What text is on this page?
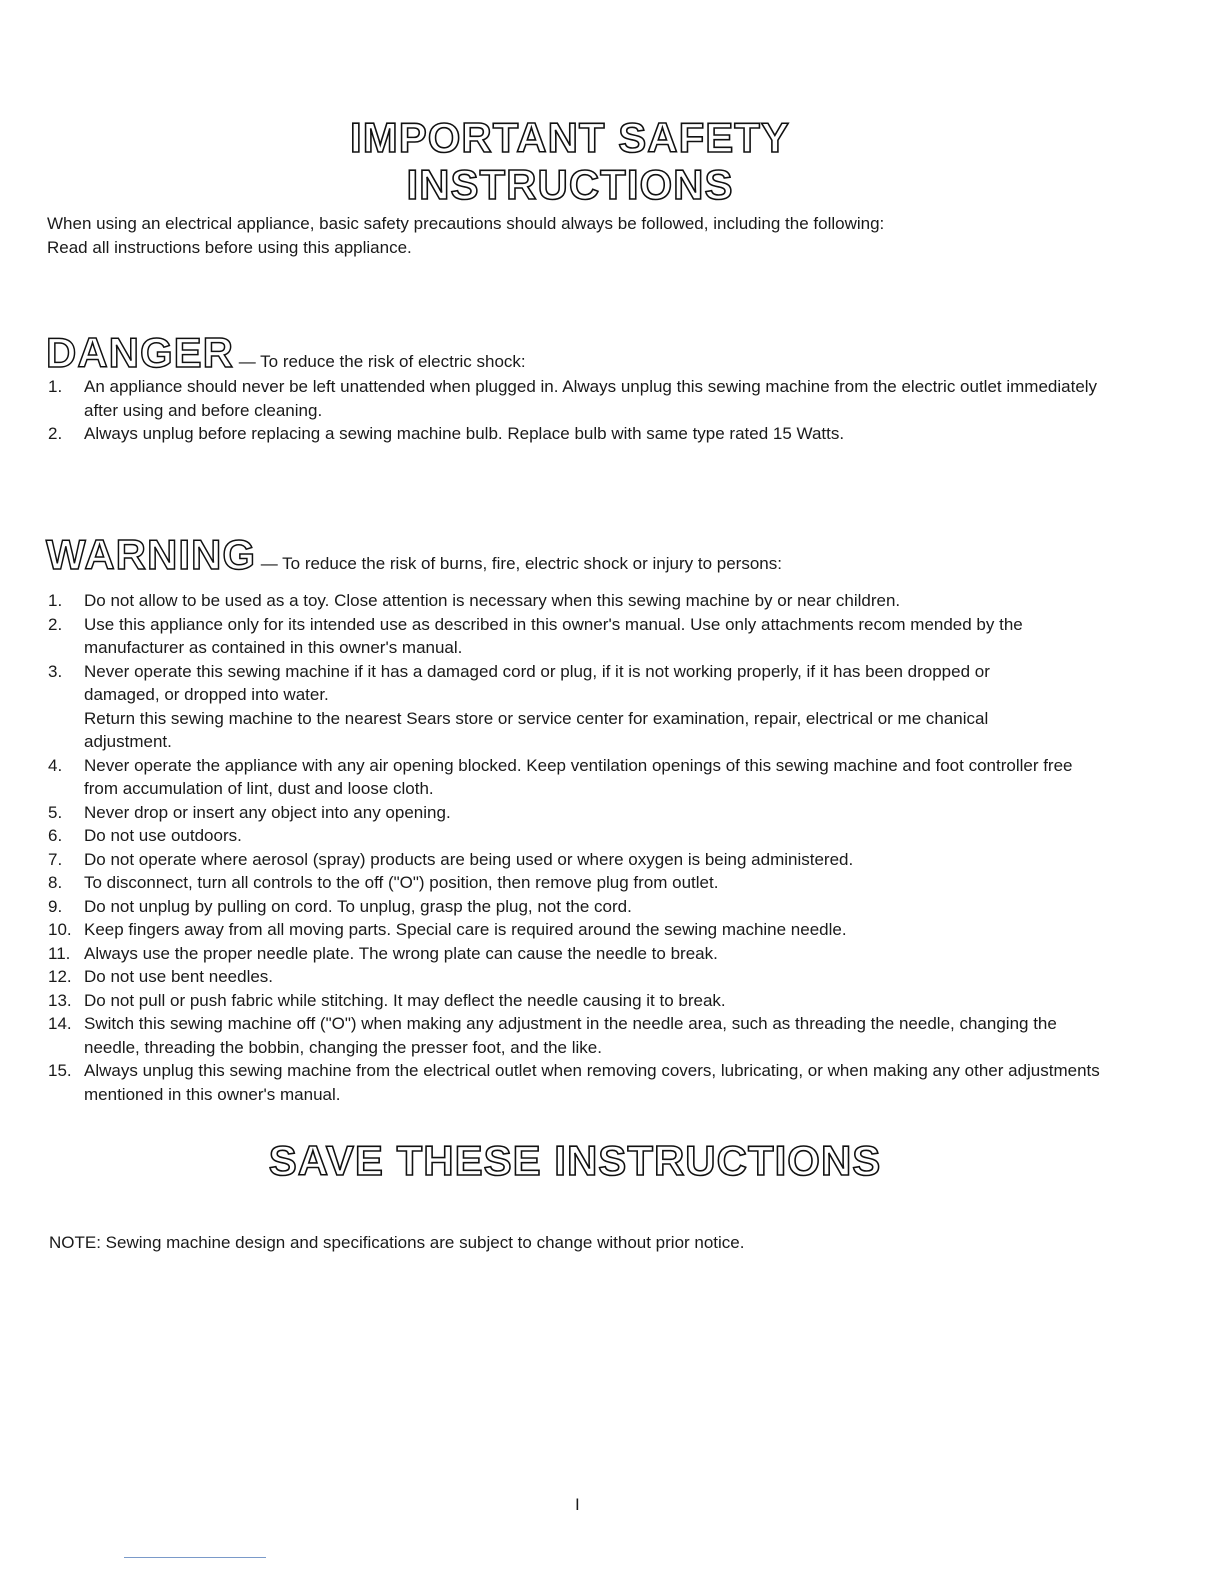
IMPORTANT SAFETY
INSTRUCTIONS

When using an electrical appliance, basic safety precautions should always be followed, including the following:

Read all instructions before using this appliance.

DANGER — To reduce the risk of electric shock:
1. An appliance should never be left unattended when plugged in. Always unplug this sewing machine from the electric outlet immediately after using and before cleaning.
2. Always unplug before replacing a sewing machine bulb. Replace bulb with same type rated 15 Watts.
WARNING — To reduce the risk of burns, fire, electric shock or injury to persons:
1. Do not allow to be used as a toy. Close attention is necessary when this sewing machine by or near children.
2. Use this appliance only for its intended use as described in this owner's manual. Use only attachments recom mended by the manufacturer as contained in this owner's manual.
3. Never operate this sewing machine if it has a damaged cord or plug, if it is not working properly, if it has been dropped or damaged, or dropped into water.
Return this sewing machine to the nearest Sears store or service center for examination, repair, electrical or me chanical adjustment.
4. Never operate the appliance with any air opening blocked. Keep ventilation openings of this sewing machine and foot controller free from accumulation of lint, dust and loose cloth.
5. Never drop or insert any object into any opening.
6. Do not use outdoors.
7. Do not operate where aerosol (spray) products are being used or where oxygen is being administered.
8. To disconnect, turn all controls to the off ("O") position, then remove plug from outlet.
9. Do not unplug by pulling on cord. To unplug, grasp the plug, not the cord.
10. Keep fingers away from all moving parts. Special care is required around the sewing machine needle.
11. Always use the proper needle plate. The wrong plate can cause the needle to break.
12. Do not use bent needles.
13. Do not pull or push fabric while stitching. It may deflect the needle causing it to break.
14. Switch this sewing machine off ("O") when making any adjustment in the needle area, such as threading the needle, changing the needle, threading the bobbin, changing the presser foot, and the like.
15. Always unplug this sewing machine from the electrical outlet when removing covers, lubricating, or when making any other adjustments mentioned in this owner's manual.
SAVE THESE INSTRUCTIONS
NOTE: Sewing machine design and specifications are subject to change without prior notice.
I
